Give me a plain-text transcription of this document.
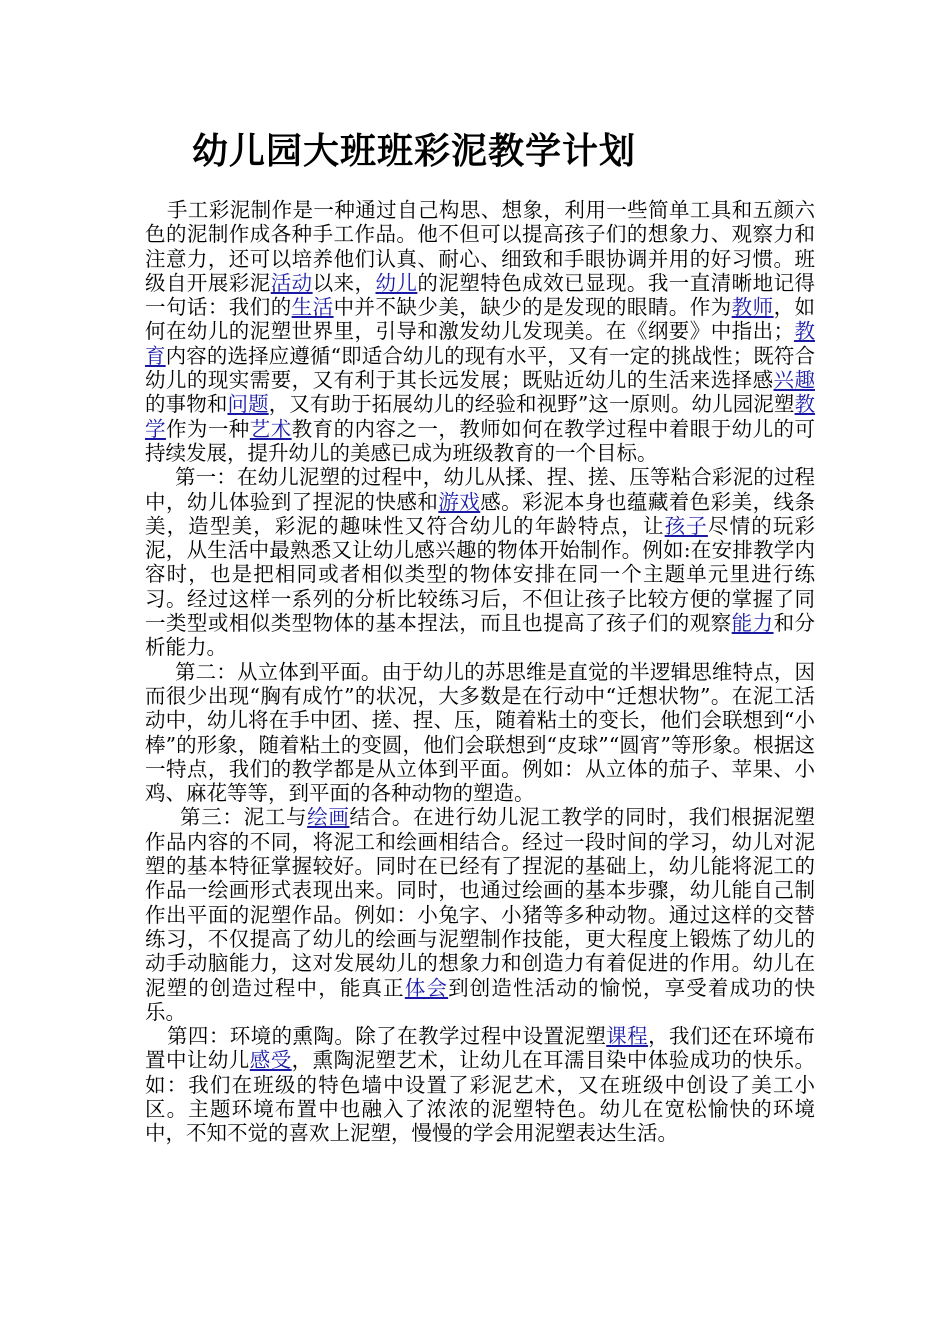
幼儿园大班班彩泥教学计划

手工彩泥制作是一种通过自己构思、想象，利用一些简单工具和五颜六色的泥制作成各种手工作品。他不但可以提高孩子们的想象力、观察力和注意力，还可以培养他们认真、耐心、细致和手眼协调并用的好习惯。班级自开展彩泥活动以来，幼儿的泥塑特色成效已显现。我一直清晰地记得一句话：我们的生活中并不缺少美，缺少的是发现的眼睛。作为教师，如何在幼儿的泥塑世界里，引导和激发幼儿发现美。在《纲要》中指出；教育内容的选择应遵循“即适合幼儿的现有水平，又有一定的挑战性；既符合幼儿的现实需要，又有利于其长远发展；既贴近幼儿的生活来选择感兴趣的事物和问题，又有助于拓展幼儿的经验和视野”这一原则。幼儿园泥塑教学作为一种艺术教育的内容之一，教师如何在教学过程中着眼于幼儿的可持续发展，提升幼儿的美感已成为班级教育的一个目标。

第一：在幼儿泥塑的过程中，幼儿从揉、捏、搓、压等粘合彩泥的过程中，幼儿体验到了捏泥的快感和游戏感。彩泥本身也蕴藏着色彩美，线条美，造型美，彩泥的趣味性又符合幼儿的年龄特点，让孩子尽情的玩彩泥，从生活中最熟悉又让幼儿感兴趣的物体开始制作。例如:在安排教学内容时，也是把相同或者相似类型的物体安排在同一个主题单元里进行练习。经过这样一系列的分析比较练习后，不但让孩子比较方便的掌握了同一类型或相似类型物体的基本捏法，而且也提高了孩子们的观察能力和分析能力。

第二：从立体到平面。由于幼儿的苏思维是直觉的半逻辑思维特点，因而很少出现“胸有成竹”的状况，大多数是在行动中“迁想状物”。在泥工活动中，幼儿将在手中团、搓、捏、压，随着粘土的变长，他们会联想到“小棒”的形象，随着粘土的变圆，他们会联想到“皮球”“圆宵”等形象。根据这一特点，我们的教学都是从立体到平面。例如：从立体的茄子、苹果、小鸡、麻花等等，到平面的各种动物的塑造。

第三：泥工与绘画结合。在进行幼儿泥工教学的同时，我们根据泥塑作品内容的不同，将泥工和绘画相结合。经过一段时间的学习，幼儿对泥塑的基本特征掌握较好。同时在已经有了捏泥的基础上，幼儿能将泥工的作品一绘画形式表现出来。同时，也通过绘画的基本步骤，幼儿能自己制作出平面的泥塑作品。例如：小兔字、小猪等多种动物。通过这样的交替练习，不仅提高了幼儿的绘画与泥塑制作技能，更大程度上锻炼了幼儿的动手动脑能力，这对发展幼儿的想象力和创造力有着促进的作用。幼儿在泥塑的创造过程中，能真正体会到创造性活动的愉悦，享受着成功的快乐。

第四：环境的熏陶。除了在教学过程中设置泥塑课程，我们还在环境布置中让幼儿感受，熏陶泥塑艺术，让幼儿在耳濡目染中体验成功的快乐。如：我们在班级的特色墙中设置了彩泥艺术，又在班级中创设了美工小区。主题环境布置中也融入了浓浓的泥塑特色。幼儿在宽松愉快的环境中，不知不觉的喜欢上泥塑，慢慢的学会用泥塑表达生活。
